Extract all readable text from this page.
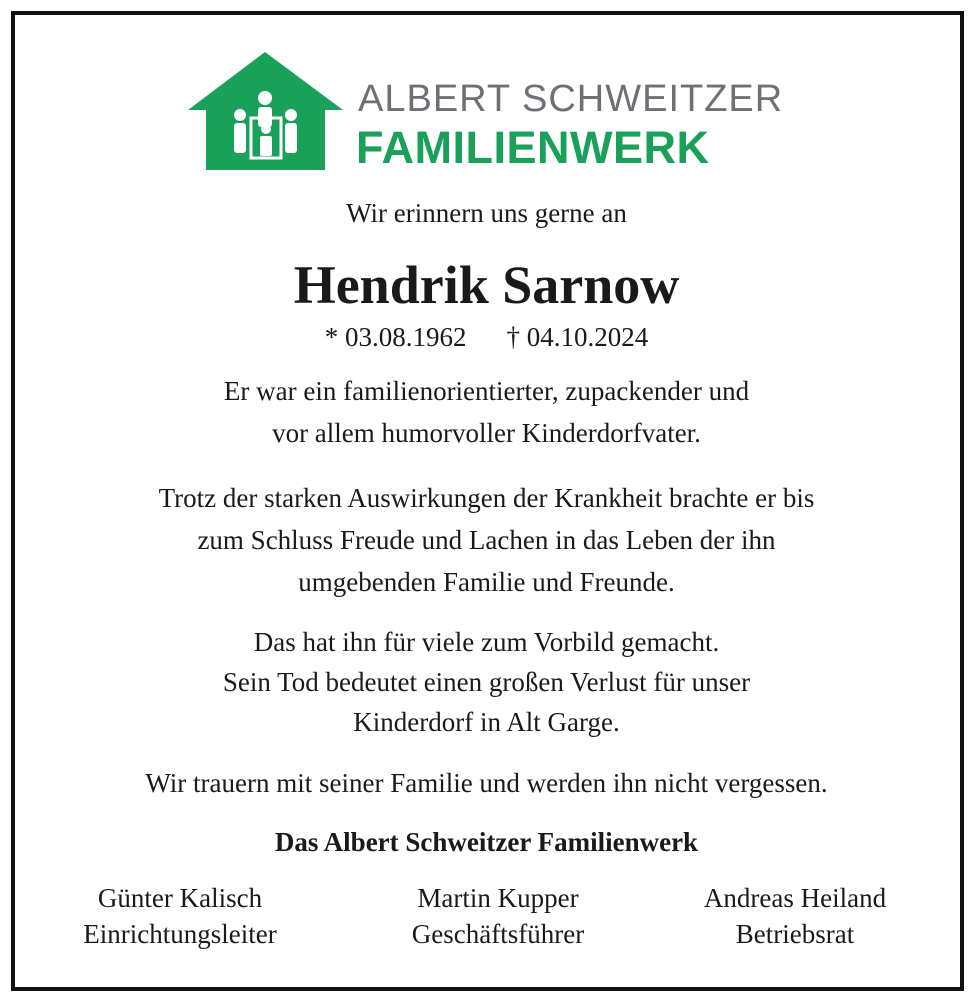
ALBERT SCHWEITZER
FAMILIENWERK
Wir erinnern uns gerne an
Hendrik Sarnow
* 03.08.1962 † 04.10.2024
Er war ein familienorientierter, zupackender und
vor allem humorvoller Kinderdorfvater.
Trotz der starken Auswirkungen der Krankheit brachte er bis
zum Schluss Freude und Lachen in das Leben der ihn
umgebenden Familie und Freunde.
Das hat ihn für viele zum Vorbild gemacht.
Sein Tod bedeutet einen großen Verlust für unser
Kinderdorf in Alt Garge.
Wir trauern mit seiner Familie und werden ihn nicht vergessen.
Das Albert Schweitzer Familienwerk
Günter Kalisch
Einrichtungsleiter
Martin Kupper
Geschäftsführer
Andreas Heiland
Betriebsrat
